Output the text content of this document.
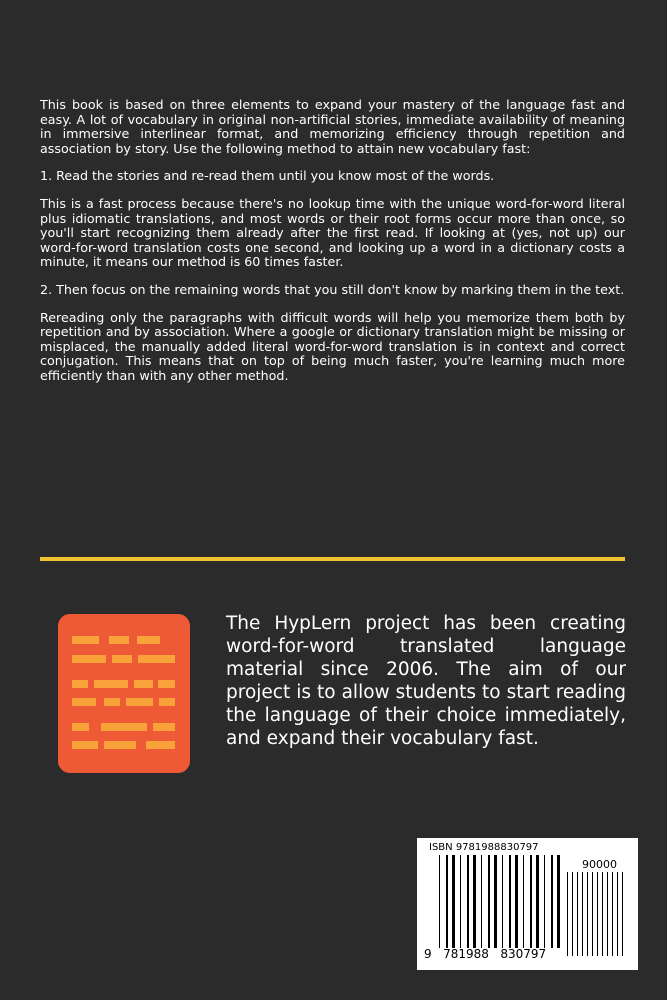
This book is based on three elements to expand your mastery of the language fast and easy. A lot of vocabulary in original non-artificial stories, immediate availability of meaning in immersive interlinear format, and memorizing efficiency through repetition and association by story. Use the following method to attain new vocabulary fast:

1. Read the stories and re-read them until you know most of the words.

This is a fast process because there's no lookup time with the unique word-for-word literal plus idiomatic translations, and most words or their root forms occur more than once, so you'll start recognizing them already after the first read. If looking at (yes, not up) our word-for-word translation costs one second, and looking up a word in a dictionary costs a minute, it means our method is 60 times faster.

2. Then focus on the remaining words that you still don't know by marking them in the text.

Rereading only the paragraphs with difficult words will help you memorize them both by repetition and by association. Where a google or dictionary translation might be missing or misplaced, the manually added literal word-for-word translation is in context and correct conjugation. This means that on top of being much faster, you're learning much more efficiently than with any other method.

The HypLern project has been creating word-for-word translated language material since 2006. The aim of our project is to allow students to start reading the language of their choice immediately, and expand their vocabulary fast.
ISBN 9781988830797
90000
9   781988   830797
